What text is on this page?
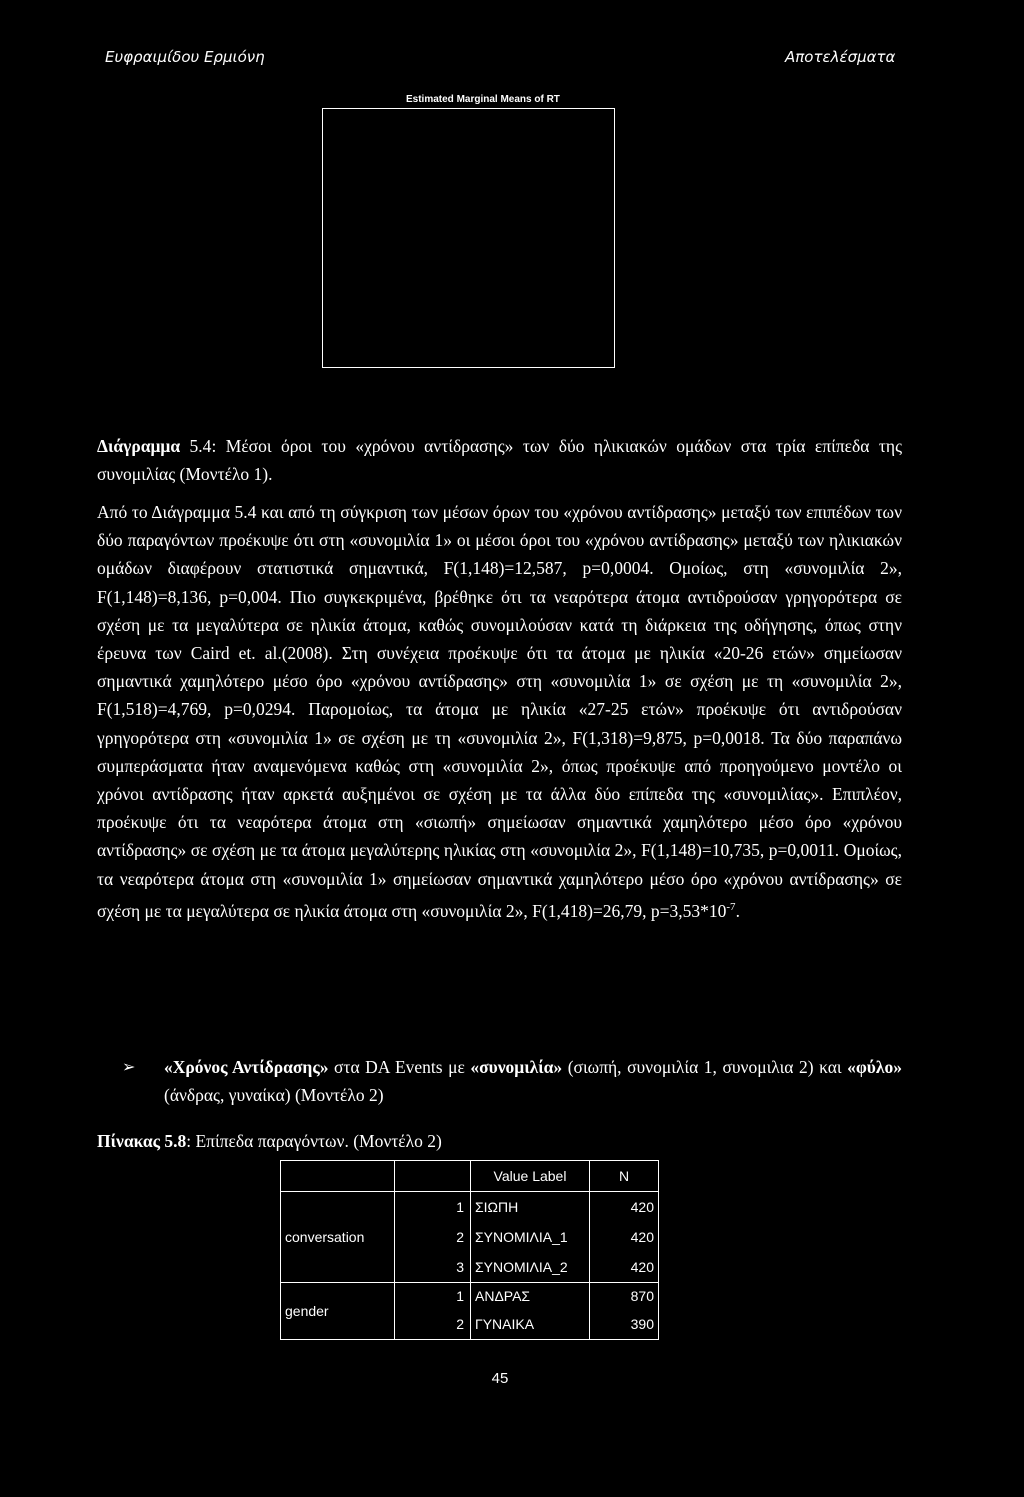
Ευφραιμίδου Ερμιόνη	Αποτελέσματα
Estimated Marginal Means of RT

Διάγραμμα 5.4: Μέσοι όροι του «χρόνου αντίδρασης» των δύο ηλικιακών ομάδων στα τρία επίπεδα της συνομιλίας (Μοντέλο 1).

Από το Διάγραμμα 5.4 και από τη σύγκριση των μέσων όρων του «χρόνου αντίδρασης» μεταξύ των επιπέδων των δύο παραγόντων προέκυψε ότι στη «συνομιλία 1» οι μέσοι όροι του «χρόνου αντίδρασης» μεταξύ των ηλικιακών ομάδων διαφέρουν στατιστικά σημαντικά, F(1,148)=12,587, p=0,0004. Ομοίως, στη «συνομιλία 2», F(1,148)=8,136, p=0,004. Πιο συγκεκριμένα, βρέθηκε ότι τα νεαρότερα άτομα αντιδρούσαν γρηγορότερα σε σχέση με τα μεγαλύτερα σε ηλικία άτομα, καθώς συνομιλούσαν κατά τη διάρκεια της οδήγησης, όπως στην έρευνα των Caird et. al.(2008). Στη συνέχεια προέκυψε ότι τα άτομα με ηλικία «20-26 ετών» σημείωσαν σημαντικά χαμηλότερο μέσο όρο «χρόνου αντίδρασης» στη «συνομιλία 1» σε σχέση με τη «συνομιλία 2», F(1,518)=4,769, p=0,0294. Παρομοίως, τα άτομα με ηλικία «27-25 ετών» προέκυψε ότι αντιδρούσαν γρηγορότερα στη «συνομιλία 1» σε σχέση με τη «συνομιλία 2», F(1,318)=9,875, p=0,0018. Τα δύο παραπάνω συμπεράσματα ήταν αναμενόμενα καθώς στη «συνομιλία 2», όπως προέκυψε από προηγούμενο μοντέλο οι χρόνοι αντίδρασης ήταν αρκετά αυξημένοι σε σχέση με τα άλλα δύο επίπεδα της «συνομιλίας». Επιπλέον, προέκυψε ότι τα νεαρότερα άτομα στη «σιωπή» σημείωσαν σημαντικά χαμηλότερο μέσο όρο «χρόνου αντίδρασης» σε σχέση με τα άτομα μεγαλύτερης ηλικίας στη «συνομιλία 2», F(1,148)=10,735, p=0,0011. Ομοίως, τα νεαρότερα άτομα στη «συνομιλία 1» σημείωσαν σημαντικά χαμηλότερο μέσο όρο «χρόνου αντίδρασης» σε σχέση με τα μεγαλύτερα σε ηλικία άτομα στη «συνομιλία 2», F(1,418)=26,79, $p=3,53*10^{-7}$.

➢ «Χρόνος Αντίδρασης» στα DA Events με «συνομιλία» (σιωπή, συνομιλία 1, συνομιλια 2) και «φύλο» (άνδρας, γυναίκα) (Μοντέλο 2)

Πίνακας 5.8: Επίπεδα παραγόντων. (Μοντέλο 2)

		Value Label	N
conversation	1	ΣΙΩΠΗ	420
	2	ΣΥΝΟΜΙΛΙΑ_1	420
	3	ΣΥΝΟΜΙΛΙΑ_2	420
gender	1	ΑΝΔΡΑΣ	870
	2	ΓΥΝΑΙΚΑ	390
45
